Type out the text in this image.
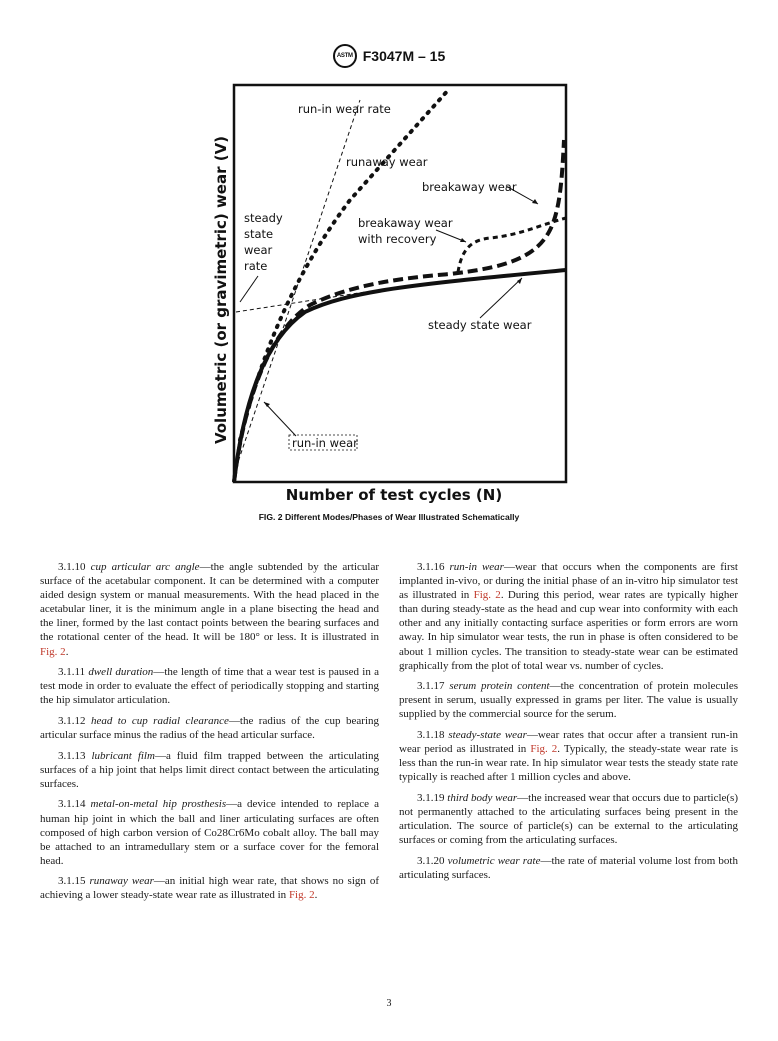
ASTM F3047M – 15
Volumetric (or gravimetric) wear (V)
Number of test cycles (N)
run-in wear rate
runaway wear
breakaway wear
steady
state
wear
rate
breakaway wear
with recovery
steady state wear
run-in wear
FIG. 2 Different Modes/Phases of Wear Illustrated Schematically

3.1.10 cup articular arc angle—the angle subtended by the articular surface of the acetabular component. It can be determined with a computer aided design system or manual measurements. With the head placed in the acetabular liner, it is the minimum angle in a plane bisecting the head and the liner, formed by the last contact points between the bearing surfaces and the rotational center of the head. It will be 180° or less. It is illustrated in Fig. 2.

3.1.11 dwell duration—the length of time that a wear test is paused in a test mode in order to evaluate the effect of periodically stopping and starting the hip simulator articulation.

3.1.12 head to cup radial clearance—the radius of the cup bearing articular surface minus the radius of the head articular surface.

3.1.13 lubricant film—a fluid film trapped between the articulating surfaces of a hip joint that helps limit direct contact between the articulating surfaces.

3.1.14 metal-on-metal hip prosthesis—a device intended to replace a human hip joint in which the ball and liner articulating surfaces are often composed of high carbon version of Co28Cr6Mo cobalt alloy. The ball may be attached to an intramedullary stem or a surface cover for the femoral head.

3.1.15 runaway wear—an initial high wear rate, that shows no sign of achieving a lower steady-state wear rate as illustrated in Fig. 2.

3.1.16 run-in wear—wear that occurs when the components are first implanted in-vivo, or during the initial phase of an in-vitro hip simulator test as illustrated in Fig. 2. During this period, wear rates are typically higher than during steady-state as the head and cup wear into conformity with each other and any initially contacting surface asperities or form errors are worn away. In hip simulator wear tests, the run in phase is often considered to be about 1 million cycles. The transition to steady-state wear can be estimated graphically from the plot of total wear vs. number of cycles.

3.1.17 serum protein content—the concentration of protein molecules present in serum, usually expressed in grams per liter. The value is usually supplied by the commercial source for the serum.

3.1.18 steady-state wear—wear rates that occur after a transient run-in wear period as illustrated in Fig. 2. Typically, the steady-state wear rate is less than the run-in wear rate. In hip simulator wear tests the steady state rate typically is reached after 1 million cycles and above.

3.1.19 third body wear—the increased wear that occurs due to particle(s) not permanently attached to the articulating surfaces being present in the articulation. The source of particle(s) can be external to the articulating surfaces or coming from the articulating surfaces.

3.1.20 volumetric wear rate—the rate of material volume lost from both articulating surfaces.

3
